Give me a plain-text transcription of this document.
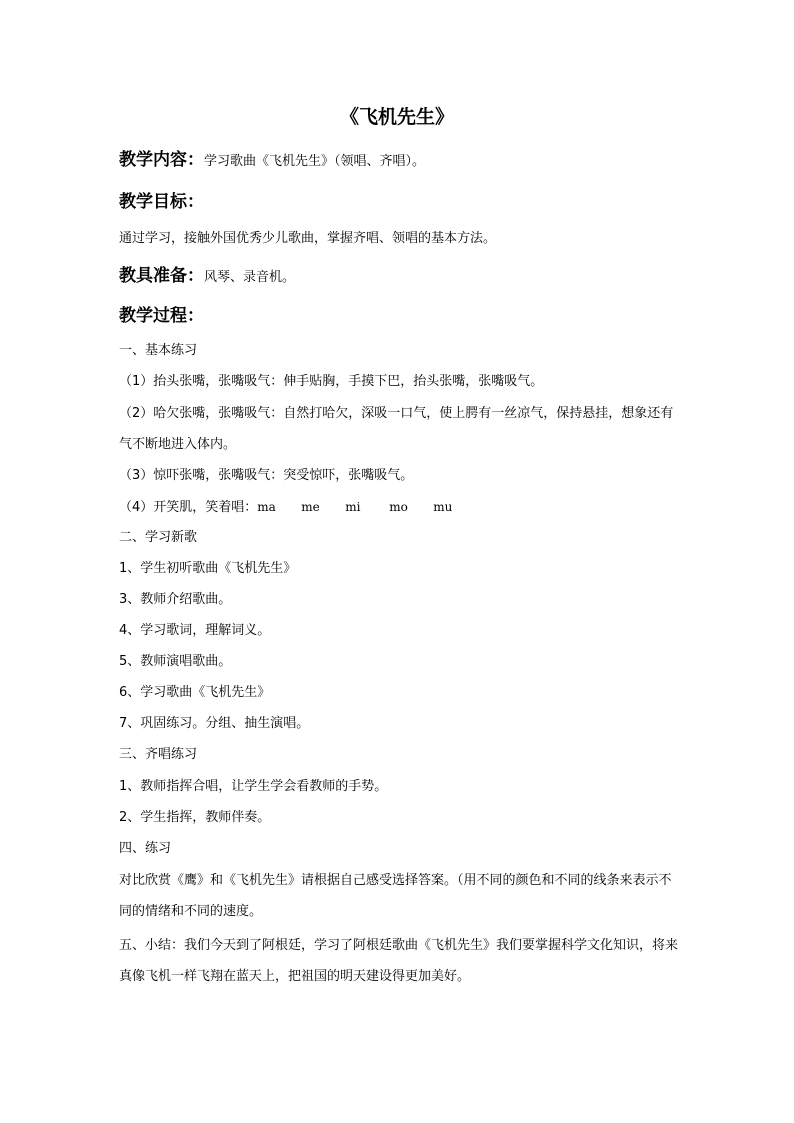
《飞机先生》
教学内容：学习歌曲《飞机先生》（领唱、齐唱）。
教学目标：
通过学习，接触外国优秀少儿歌曲，掌握齐唱、领唱的基本方法。
教具准备：风琴、录音机。
教学过程：
一、基本练习
（1）抬头张嘴，张嘴吸气：伸手贴胸，手摸下巴，抬头张嘴，张嘴吸气。
（2）哈欠张嘴，张嘴吸气：自然打哈欠，深吸一口气，使上腭有一丝凉气，保持悬挂，想象还有气不断地进入体内。
（3）惊吓张嘴，张嘴吸气：突受惊吓，张嘴吸气。
（4）开笑肌，笑着唱：ma me mi mo mu
二、学习新歌
1、学生初听歌曲《飞机先生》
3、教师介绍歌曲。
4、学习歌词，理解词义。
5、教师演唱歌曲。
6、学习歌曲《飞机先生》
7、巩固练习。分组、抽生演唱。
三、齐唱练习
1、教师指挥合唱，让学生学会看教师的手势。
2、学生指挥，教师伴奏。
四、练习
对比欣赏《鹰》和《飞机先生》请根据自己感受选择答案。（用不同的颜色和不同的线条来表示不同的情绪和不同的速度。
五、小结：我们今天到了阿根廷，学习了阿根廷歌曲《飞机先生》我们要掌握科学文化知识，将来真像飞机一样飞翔在蓝天上，把祖国的明天建设得更加美好。
